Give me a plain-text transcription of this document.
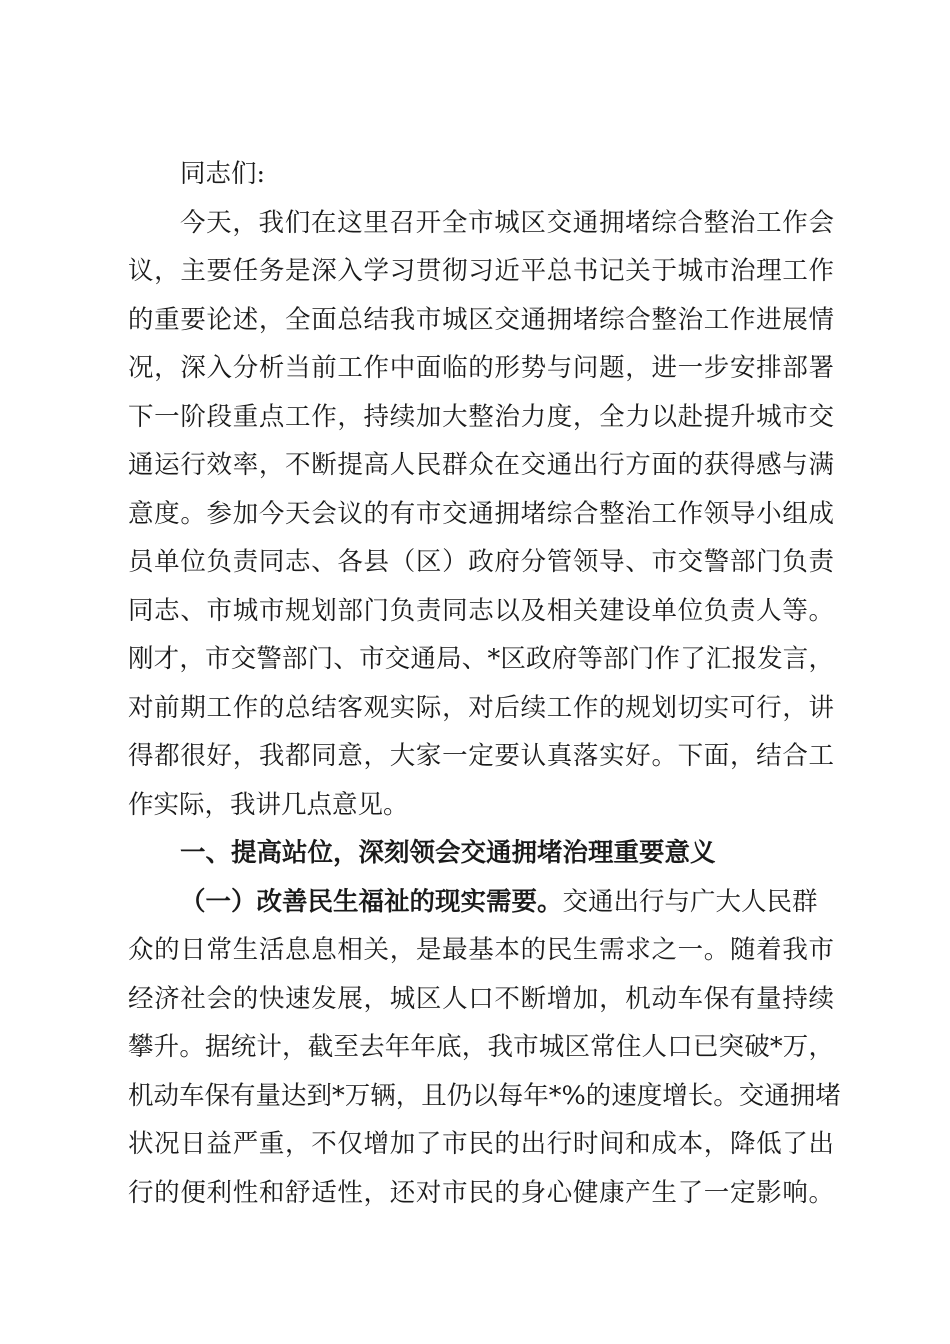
同志们:
今天，我们在这里召开全市城区交通拥堵综合整治工作会
议，主要任务是深入学习贯彻习近平总书记关于城市治理工作
的重要论述，全面总结我市城区交通拥堵综合整治工作进展情
况，深入分析当前工作中面临的形势与问题，进一步安排部署
下一阶段重点工作，持续加大整治力度，全力以赴提升城市交
通运行效率，不断提高人民群众在交通出行方面的获得感与满
意度。参加今天会议的有市交通拥堵综合整治工作领导小组成
员单位负责同志、各县（区）政府分管领导、市交警部门负责
同志、市城市规划部门负责同志以及相关建设单位负责人等。
刚才，市交警部门、市交通局、*区政府等部门作了汇报发言，
对前期工作的总结客观实际，对后续工作的规划切实可行，讲
得都很好，我都同意，大家一定要认真落实好。下面，结合工
作实际，我讲几点意见。
一、提高站位，深刻领会交通拥堵治理重要意义
（一）改善民生福祉的现实需要。交通出行与广大人民群
众的日常生活息息相关，是最基本的民生需求之一。随着我市
经济社会的快速发展，城区人口不断增加，机动车保有量持续
攀升。据统计，截至去年年底，我市城区常住人口已突破*万，
机动车保有量达到*万辆，且仍以每年*%的速度增长。交通拥堵
状况日益严重，不仅增加了市民的出行时间和成本，降低了出
行的便利性和舒适性，还对市民的身心健康产生了一定影响。
